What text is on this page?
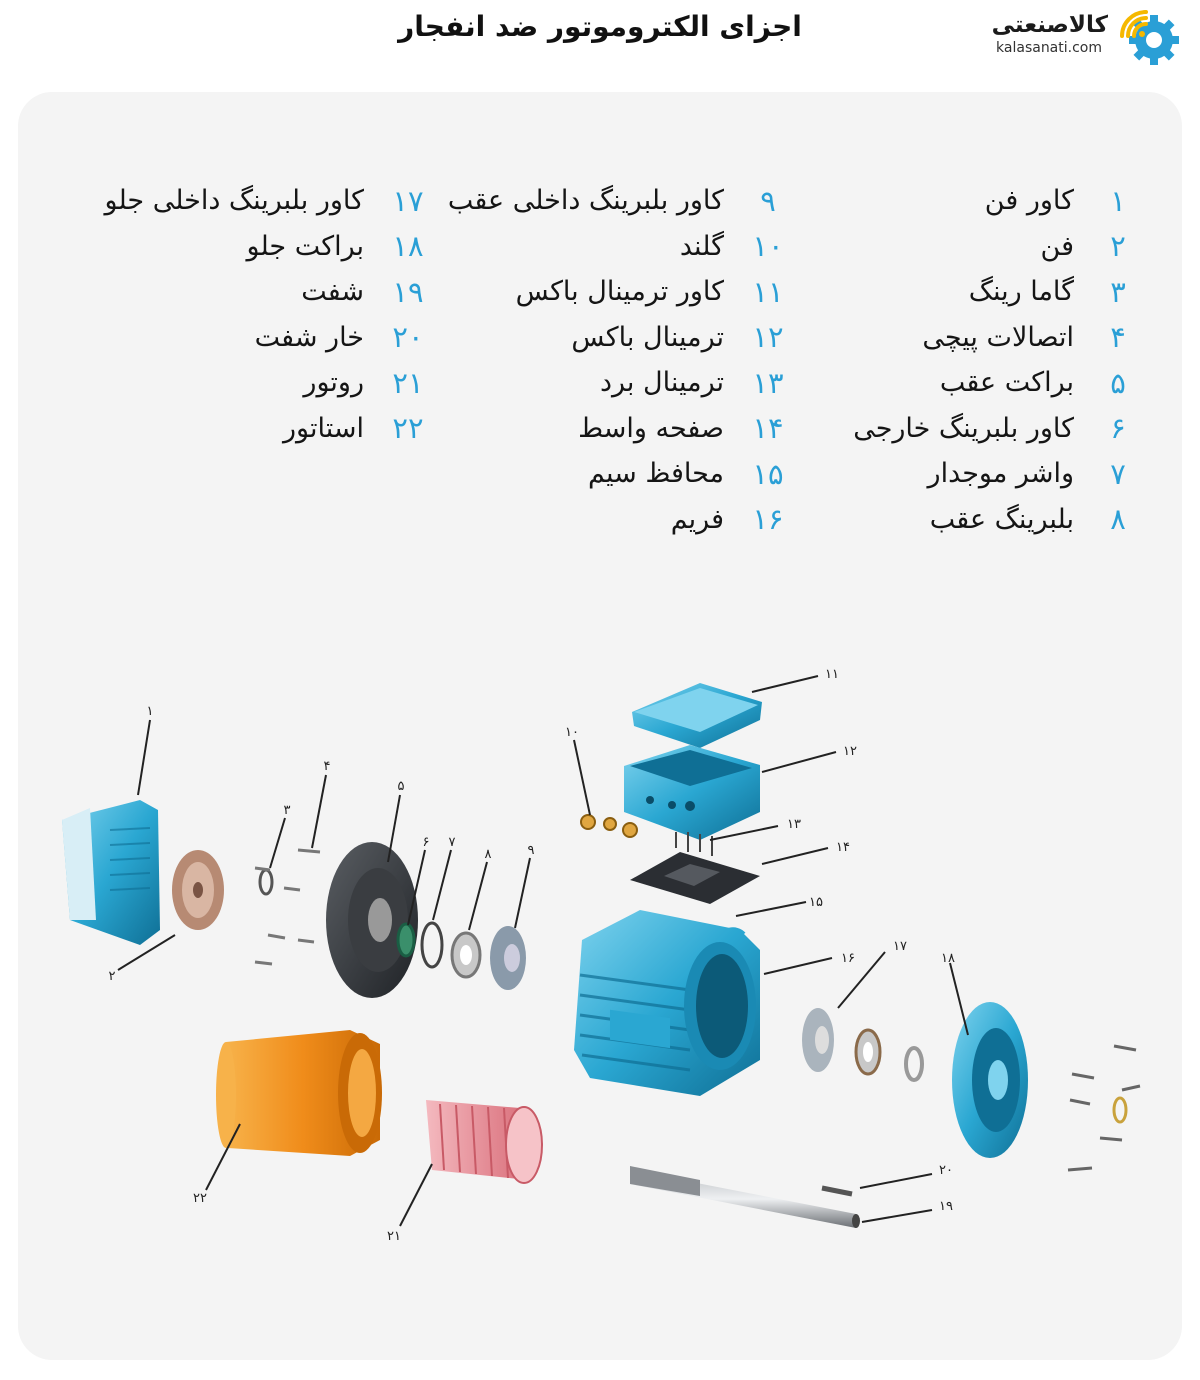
اجزای الکتروموتور ضد انفجار	کالاصنعتی
kalasanati.com
۱
کاور فن
۲
فن
۳
گاما رینگ
۴
اتصالات پیچی
۵
براکت عقب
۶
کاور بلبرینگ خارجی
۷
واشر موجدار
۸
بلبرینگ عقب
۹
کاور بلبرینگ داخلی عقب
۱۰
گلند
۱۱
کاور ترمینال باکس
۱۲
ترمینال باکس
۱۳
ترمینال برد
۱۴
صفحه واسط
۱۵
محافظ سیم
۱۶
فریم
۱۷
کاور بلبرینگ داخلی جلو
۱۸
براکت جلو
۱۹
شفت
۲۰
خار شفت
۲۱
روتور
۲۲
استاتور
۱
۲
۳
۴
۵
۶ ۷
۸	۹
۱۰
۱۱
۱۲
۱۳
۱۴
۱۵
۱۶
۱۷
۱۸
۱۹
۲۰
۲۱
۲۲
